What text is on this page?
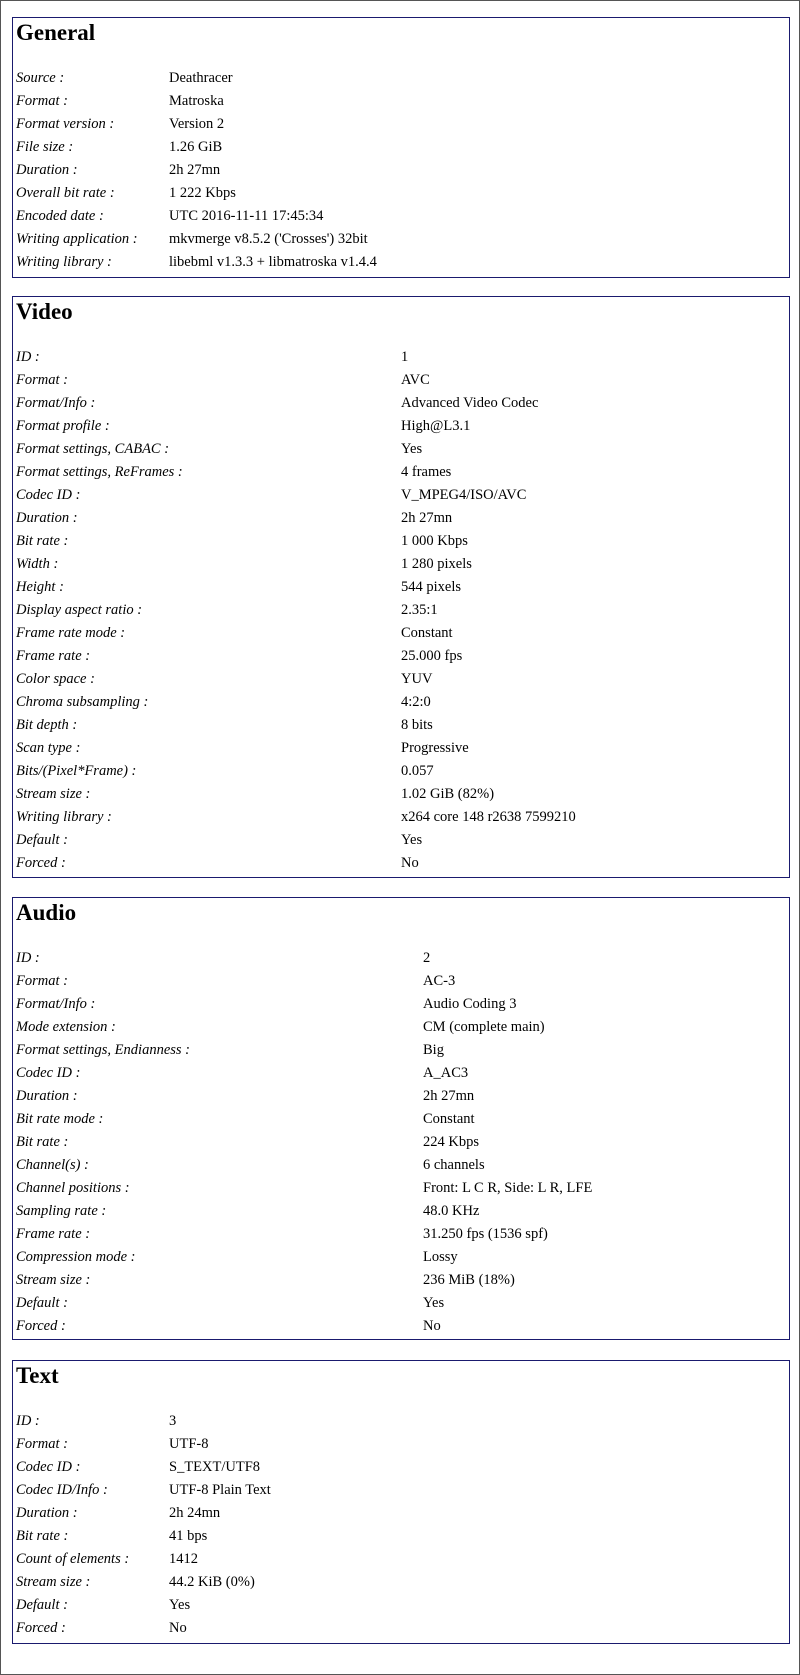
General
Source :	Deathracer
Format :	Matroska
Format version :	Version 2
File size :	1.26 GiB
Duration :	2h 27mn
Overall bit rate :	1 222 Kbps
Encoded date :	UTC 2016-11-11 17:45:34
Writing application : mkvmerge v8.5.2 ('Crosses') 32bit
Writing library :	libebml v1.3.3 + libmatroska v1.4.4
Video
ID :	1
Format :	AVC
Format/Info :	Advanced Video Codec
Format profile :	High@L3.1
Format settings, CABAC :	Yes
Format settings, ReFrames :	4 frames
Codec ID :	V_MPEG4/ISO/AVC
Duration :	2h 27mn
Bit rate :	1 000 Kbps
Width :	1 280 pixels
Height :	544 pixels
Display aspect ratio :	2.35:1
Frame rate mode :	Constant
Frame rate :	25.000 fps
Color space :	YUV
Chroma subsampling :	4:2:0
Bit depth :	8 bits
Scan type :	Progressive
Bits/(Pixel*Frame) :	0.057
Stream size :	1.02 GiB (82%)
Writing library :	x264 core 148 r2638 7599210
Default :	Yes
Forced :	No
Audio
ID :	2
Format :	AC-3
Format/Info :	Audio Coding 3
Mode extension :	CM (complete main)
Format settings, Endianness :	Big
Codec ID :	A_AC3
Duration :	2h 27mn
Bit rate mode :	Constant
Bit rate :	224 Kbps
Channel(s) :	6 channels
Channel positions :	Front: L C R, Side: L R, LFE
Sampling rate :	48.0 KHz
Frame rate :	31.250 fps (1536 spf)
Compression mode :	Lossy
Stream size :	236 MiB (18%)
Default :	Yes
Forced :	No
Text
ID :	3
Format :	UTF-8
Codec ID :	S_TEXT/UTF8
Codec ID/Info :	UTF-8 Plain Text
Duration :	2h 24mn
Bit rate :	41 bps
Count of elements :	1412
Stream size :	44.2 KiB (0%)
Default :	Yes
Forced :	No
